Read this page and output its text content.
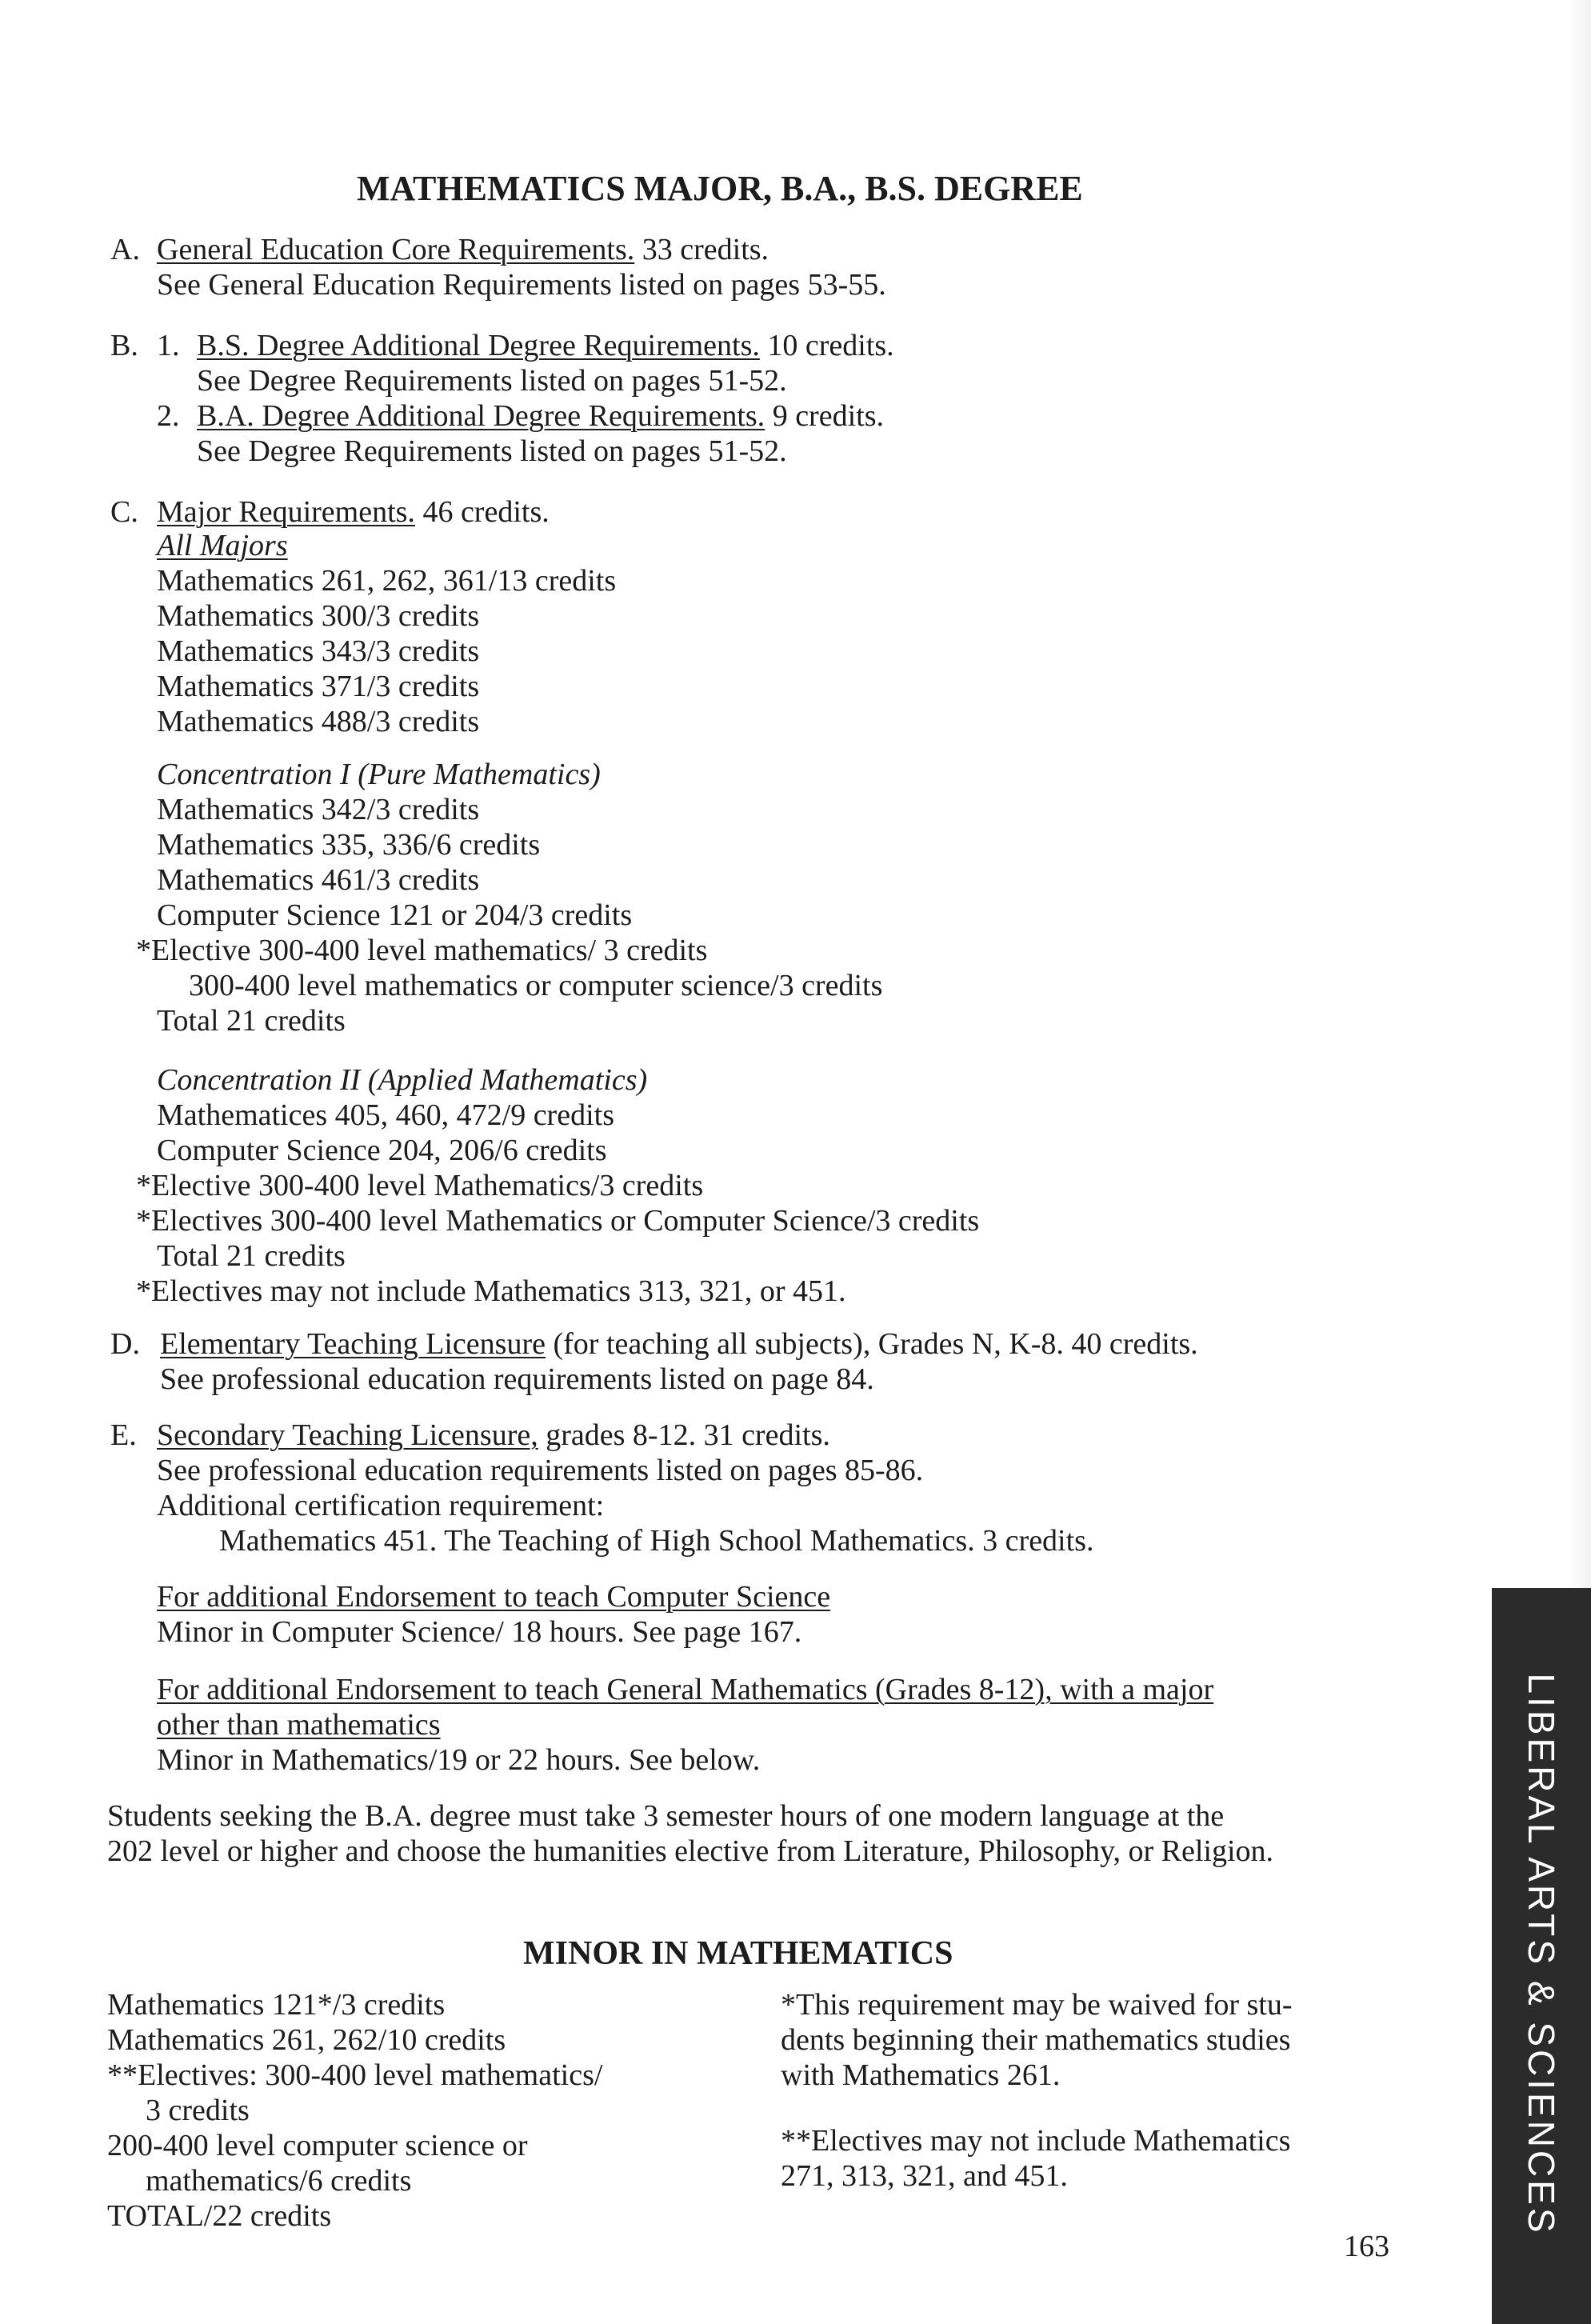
MATHEMATICS MAJOR, B.A., B.S. DEGREE
A. General Education Core Requirements. 33 credits.
See General Education Requirements listed on pages 53-55.
B. 1. B.S. Degree Additional Degree Requirements. 10 credits.
See Degree Requirements listed on pages 51-52.
2. B.A. Degree Additional Degree Requirements. 9 credits.
See Degree Requirements listed on pages 51-52.
C. Major Requirements. 46 credits.
All Majors
Mathematics 261, 262, 361/13 credits
Mathematics 300/3 credits
Mathematics 343/3 credits
Mathematics 371/3 credits
Mathematics 488/3 credits
Concentration I (Pure Mathematics)
Mathematics 342/3 credits
Mathematics 335, 336/6 credits
Mathematics 461/3 credits
Computer Science 121 or 204/3 credits
*Elective 300-400 level mathematics/ 3 credits
300-400 level mathematics or computer science/3 credits
Total 21 credits
Concentration II (Applied Mathematics)
Mathematices 405, 460, 472/9 credits
Computer Science 204, 206/6 credits
*Elective 300-400 level Mathematics/3 credits
*Electives 300-400 level Mathematics or Computer Science/3 credits
Total 21 credits
*Electives may not include Mathematics 313, 321, or 451.
D. Elementary Teaching Licensure (for teaching all subjects), Grades N, K-8. 40 credits.
See professional education requirements listed on page 84.
E. Secondary Teaching Licensure, grades 8-12. 31 credits.
See professional education requirements listed on pages 85-86.
Additional certification requirement:
Mathematics 451. The Teaching of High School Mathematics. 3 credits.
For additional Endorsement to teach Computer Science
Minor in Computer Science/ 18 hours. See page 167.
For additional Endorsement to teach General Mathematics (Grades 8-12), with a major
other than mathematics
Minor in Mathematics/19 or 22 hours. See below.
Students seeking the B.A. degree must take 3 semester hours of one modern language at the
202 level or higher and choose the humanities elective from Literature, Philosophy, or Religion.
MINOR IN MATHEMATICS
Mathematics 121*/3 credits
Mathematics 261, 262/10 credits
**Electives: 300-400 level mathematics/
3 credits
200-400 level computer science or
mathematics/6 credits
TOTAL/22 credits
*This requirement may be waived for stu-
dents beginning their mathematics studies
with Mathematics 261.
**Electives may not include Mathematics
271, 313, 321, and 451.
163
LIBERAL ARTS & SCIENCES
